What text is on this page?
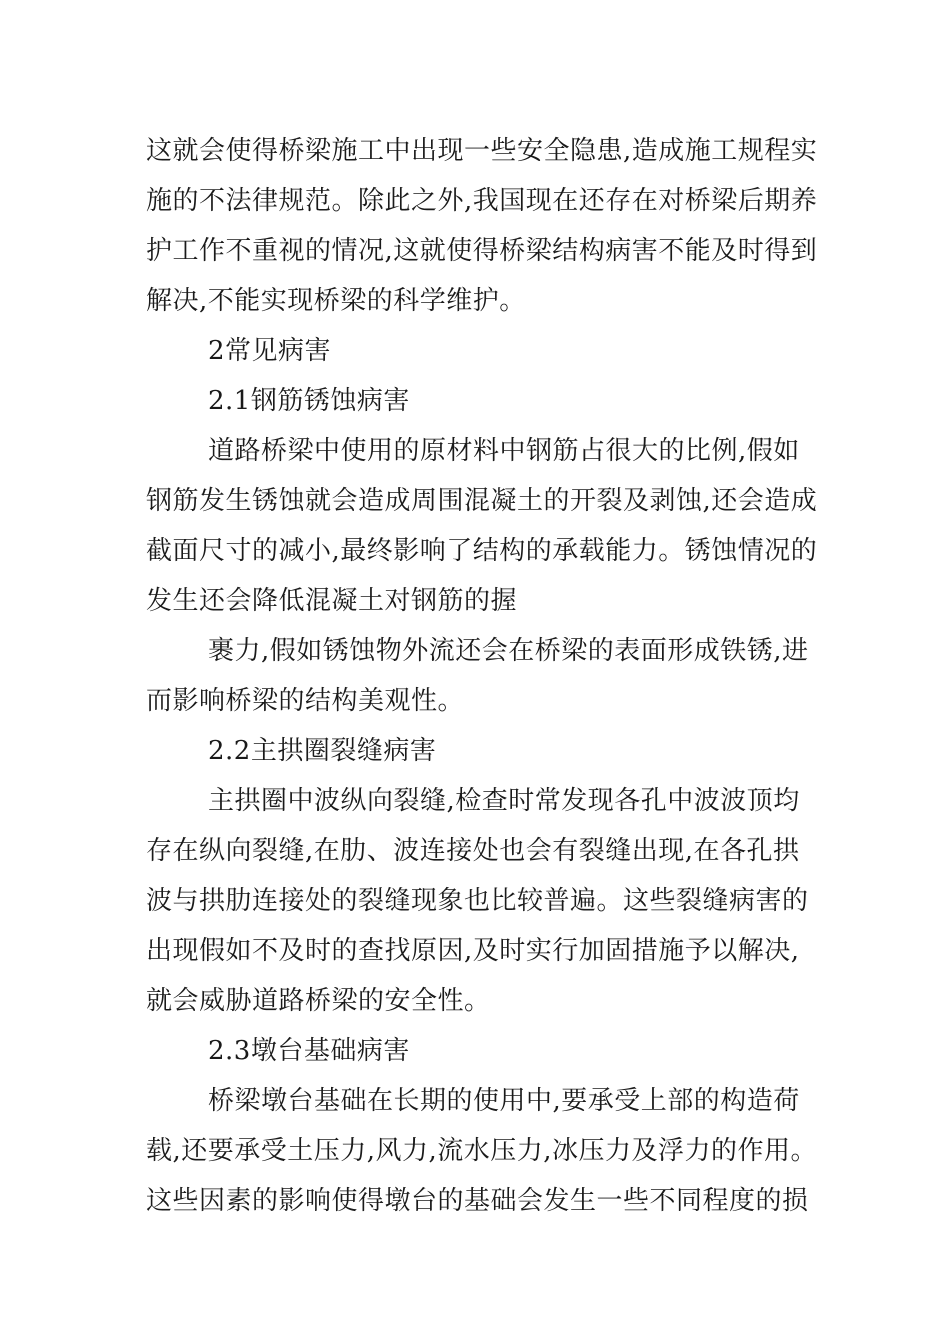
这就会使得桥梁施工中出现一些安全隐患,造成施工规程实
施的不法律规范。除此之外,我国现在还存在对桥梁后期养
护工作不重视的情况,这就使得桥梁结构病害不能及时得到
解决,不能实现桥梁的科学维护。
2常见病害
2.1钢筋锈蚀病害
道路桥梁中使用的原材料中钢筋占很大的比例,假如
钢筋发生锈蚀就会造成周围混凝土的开裂及剥蚀,还会造成
截面尺寸的减小,最终影响了结构的承载能力。锈蚀情况的
发生还会降低混凝土对钢筋的握
裹力,假如锈蚀物外流还会在桥梁的表面形成铁锈,进
而影响桥梁的结构美观性。
2.2主拱圈裂缝病害
主拱圈中波纵向裂缝,检查时常发现各孔中波波顶均
存在纵向裂缝,在肋、波连接处也会有裂缝出现,在各孔拱
波与拱肋连接处的裂缝现象也比较普遍。这些裂缝病害的
出现假如不及时的查找原因,及时实行加固措施予以解决,
就会威胁道路桥梁的安全性。
2.3墩台基础病害
桥梁墩台基础在长期的使用中,要承受上部的构造荷
载,还要承受土压力,风力,流水压力,冰压力及浮力的作用。
这些因素的影响使得墩台的基础会发生一些不同程度的损
